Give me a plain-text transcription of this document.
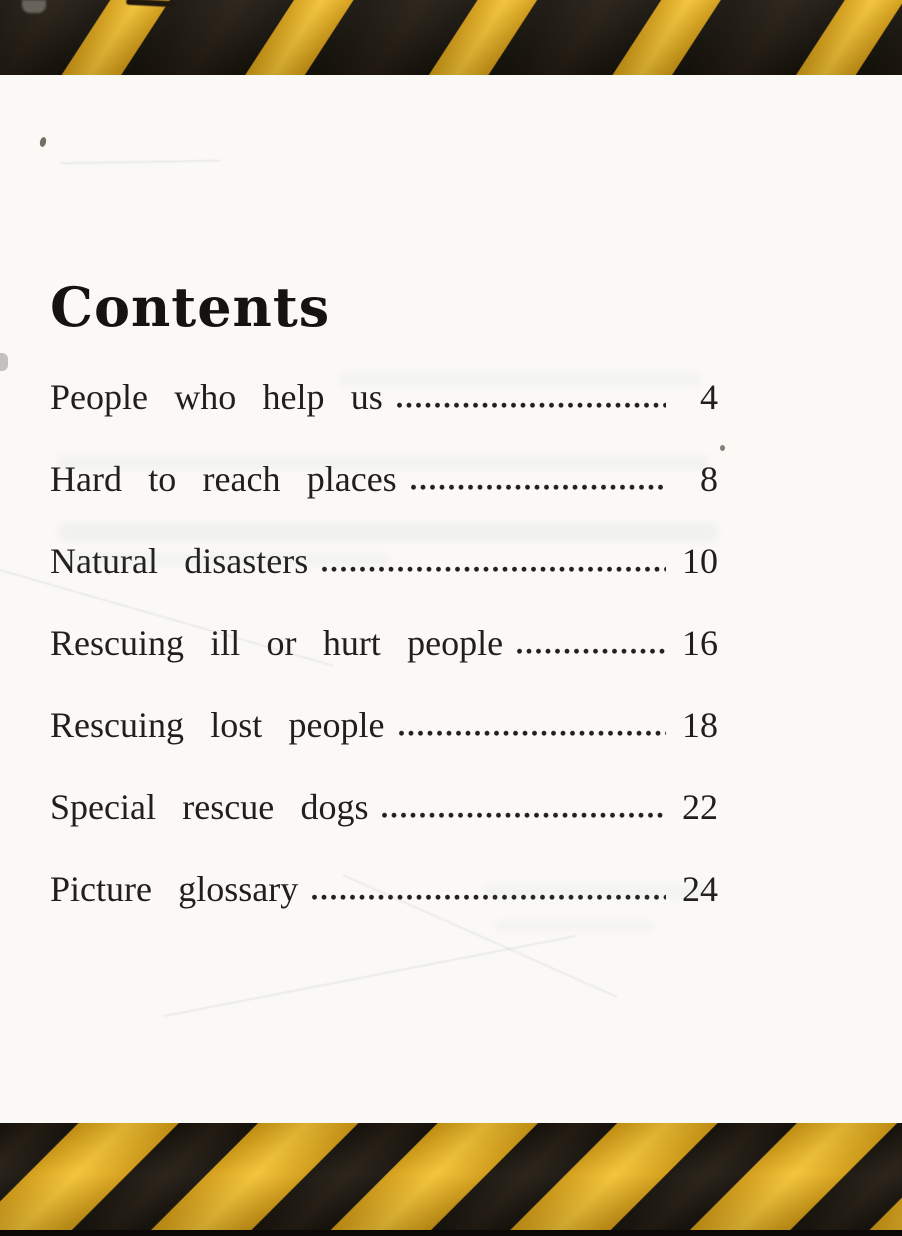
Contents
People who help us	4
Hard to reach places	8
Natural disasters	10
Rescuing ill or hurt people	16
Rescuing lost people	18
Special rescue dogs	22
Picture glossary	24
